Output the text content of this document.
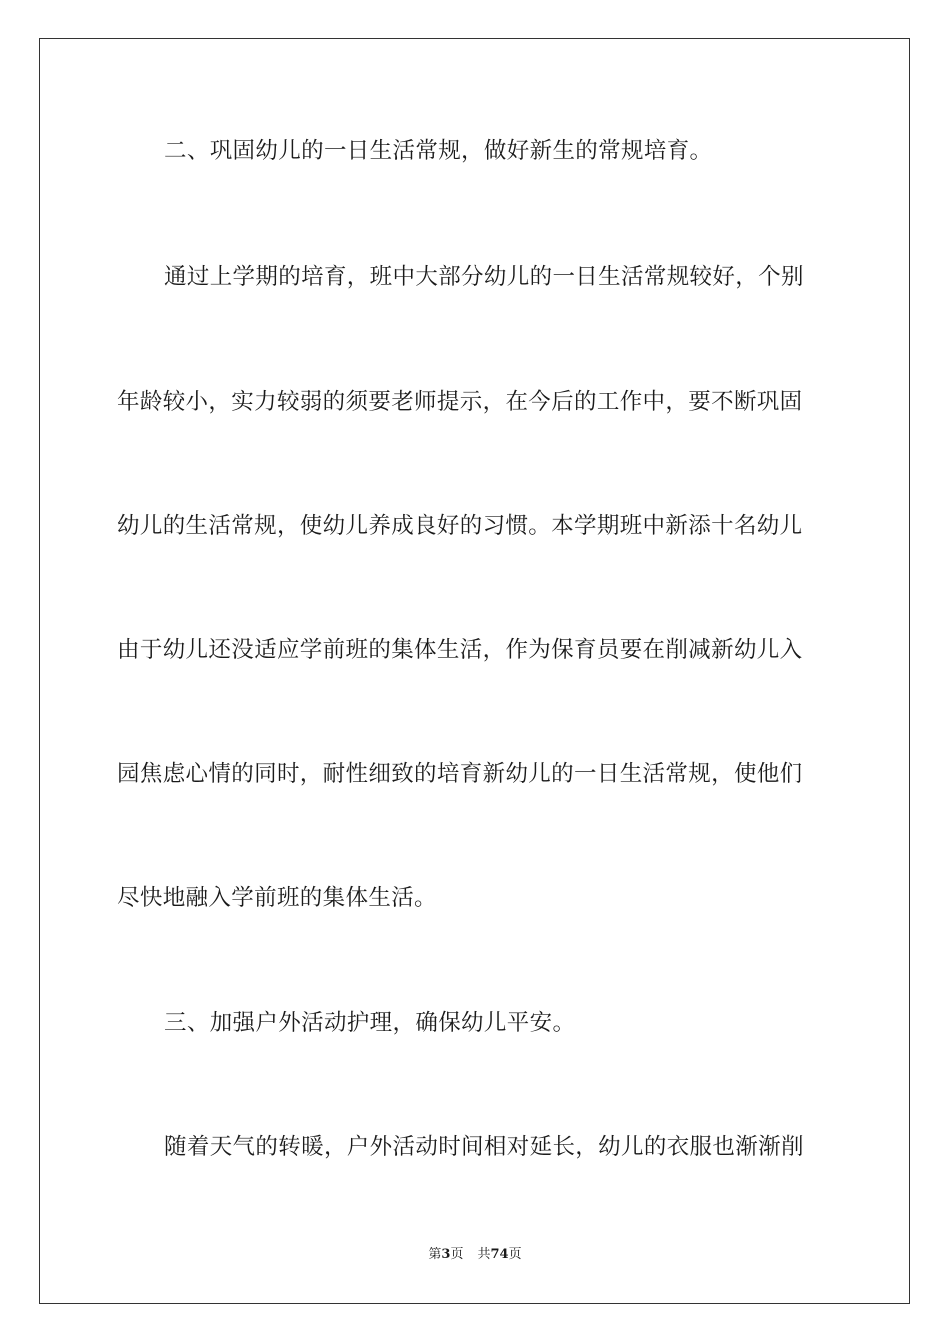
二、巩固幼儿的一日生活常规，做好新生的常规培育。
通过上学期的培育，班中大部分幼儿的一日生活常规较好，个别
年龄较小，实力较弱的须要老师提示，在今后的工作中，要不断巩固
幼儿的生活常规，使幼儿养成良好的习惯。本学期班中新添十名幼儿
由于幼儿还没适应学前班的集体生活，作为保育员要在削减新幼儿入
园焦虑心情的同时，耐性细致的培育新幼儿的一日生活常规，使他们
尽快地融入学前班的集体生活。
三、加强户外活动护理，确保幼儿平安。
随着天气的转暖，户外活动时间相对延长，幼儿的衣服也渐渐削
第3页 共74页
